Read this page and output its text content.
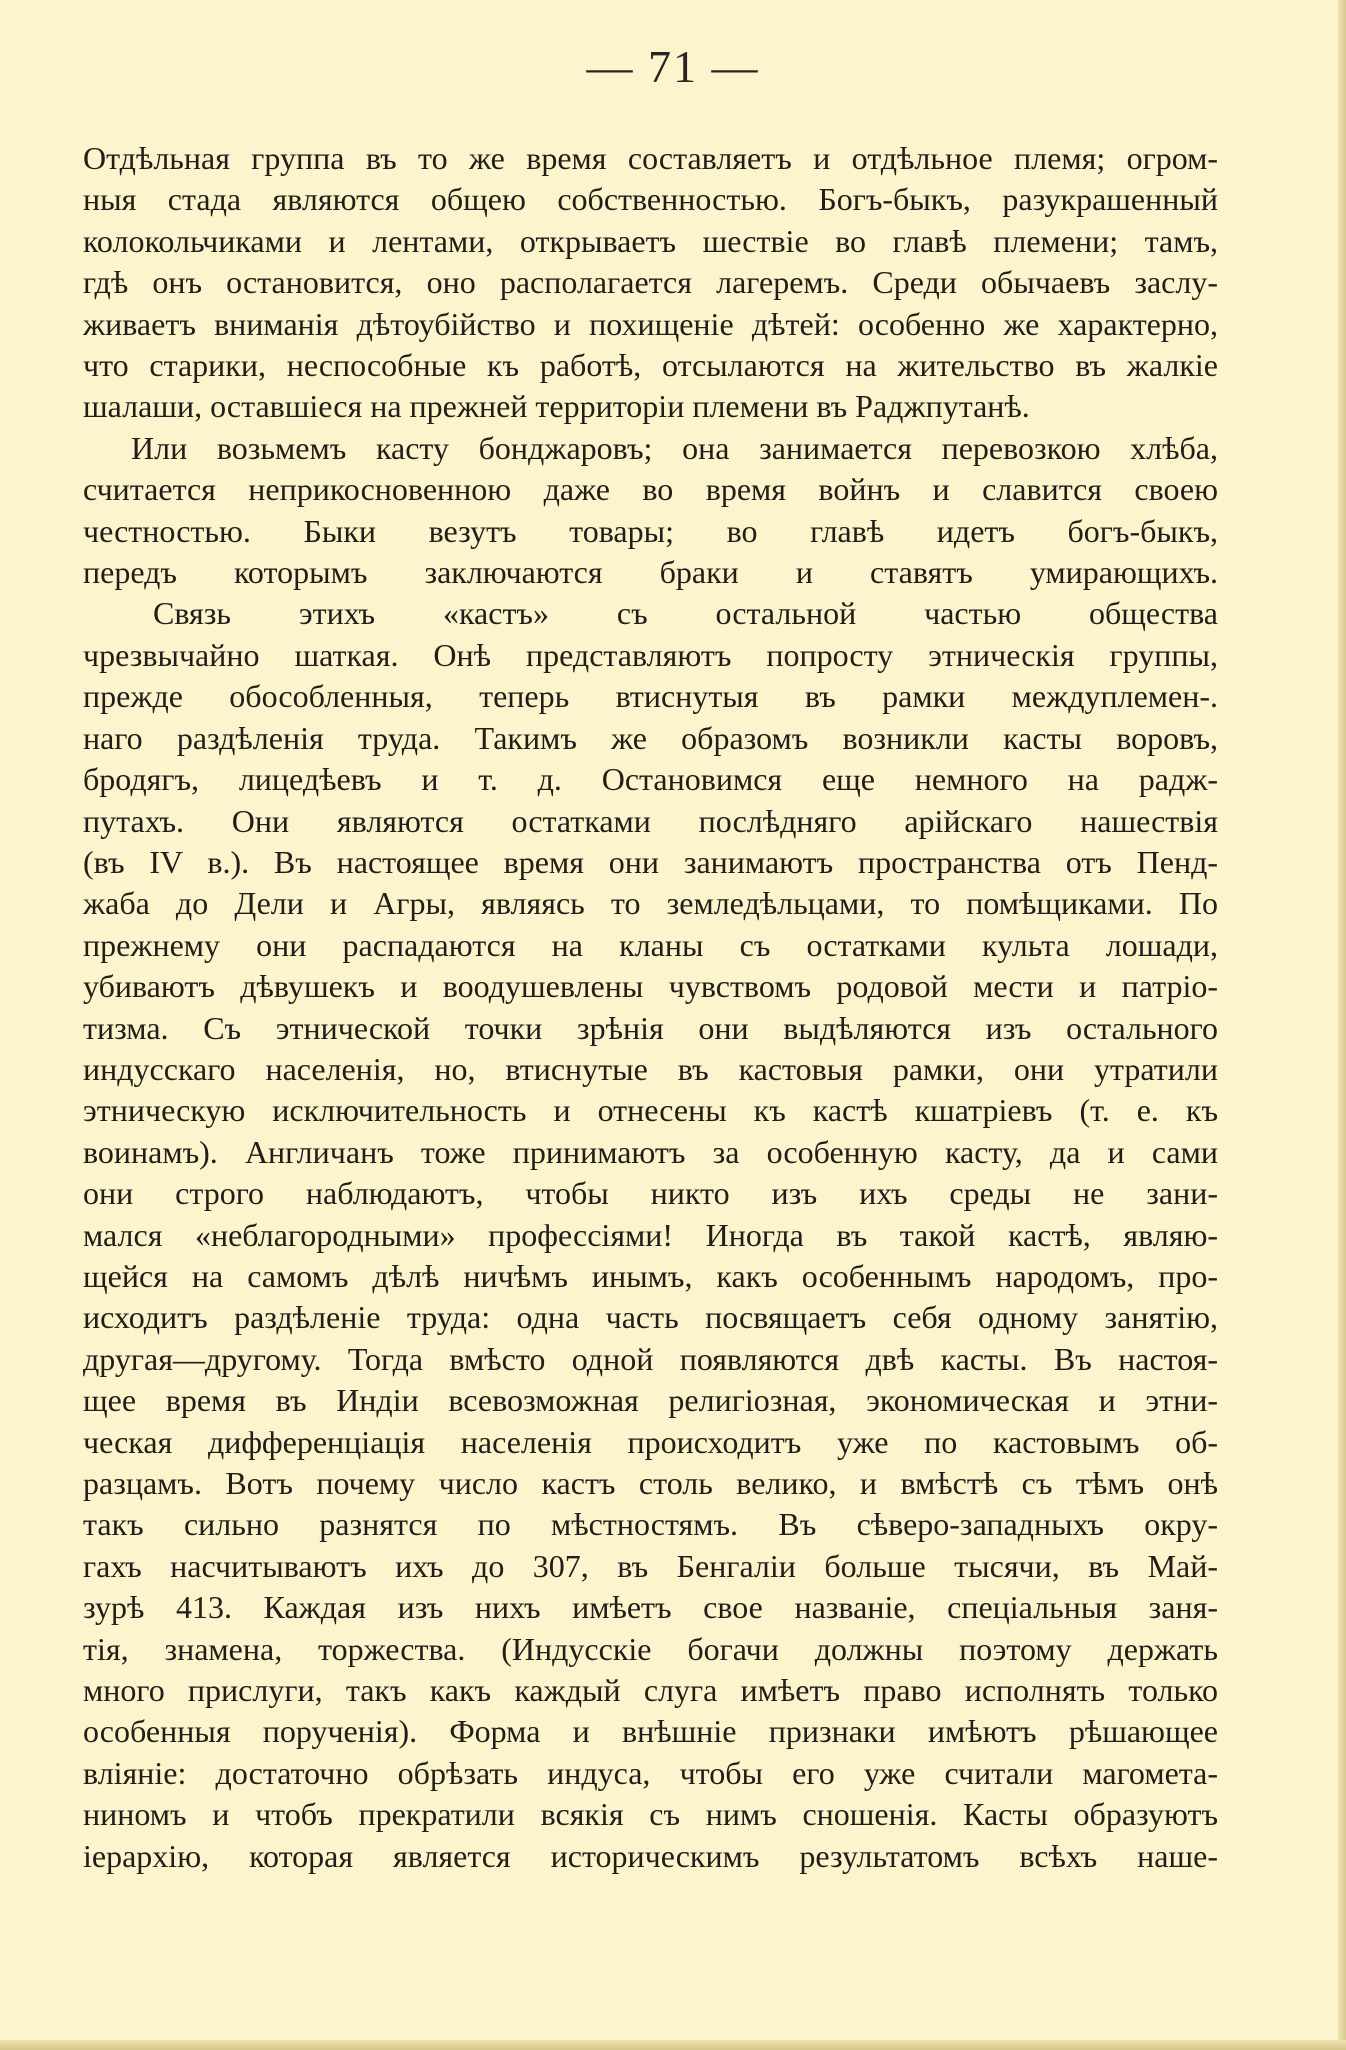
— 71 —
Отдѣльная группа въ то же время составляетъ и отдѣльное племя; огром-
ныя стада являются общею собственностью. Богъ-быкъ, разукрашенный
колокольчиками и лентами, открываетъ шествіе во главѣ племени; тамъ,
гдѣ онъ остановится, оно располагается лагеремъ. Среди обычаевъ заслу-
живаетъ вниманія дѣтоубійство и похищеніе дѣтей: особенно же характерно,
что старики, неспособные къ работѣ, отсылаются на жительство въ жалкіе
шалаши, оставшіеся на прежней территоріи племени въ Раджпутанѣ.
Или возьмемъ касту бонджаровъ; она занимается перевозкою хлѣба,
считается неприкосновенною даже во время войнъ и славится своею
честностью. Быки везутъ товары; во главѣ идетъ богъ-быкъ,
передъ которымъ заключаются браки и ставятъ умирающихъ.
Связь этихъ «кастъ» съ остальной частью общества
чрезвычайно шаткая. Онѣ представляютъ попросту этническія группы,
прежде обособленныя, теперь втиснутыя въ рамки междуплемен-.
наго раздѣленія труда. Такимъ же образомъ возникли касты воровъ,
бродягъ, лицедѣевъ и т. д. Остановимся еще немного на радж-
путахъ. Они являются остатками послѣдняго арійскаго нашествія
(въ IV в.). Въ настоящее время они занимаютъ пространства отъ Пенд-
жаба до Дели и Агры, являясь то земледѣльцами, то помѣщиками. По
прежнему они распадаются на кланы съ остатками культа лошади,
убиваютъ дѣвушекъ и воодушевлены чувствомъ родовой мести и патріо-
тизма. Съ этнической точки зрѣнія они выдѣляются изъ остального
индусскаго населенія, но, втиснутые въ кастовыя рамки, они утратили
этническую исключительность и отнесены къ кастѣ кшатріевъ (т. е. къ
воинамъ). Англичанъ тоже принимаютъ за особенную касту, да и сами
они строго наблюдаютъ, чтобы никто изъ ихъ среды не зани-
мался «неблагородными» профессіями! Иногда въ такой кастѣ, являю-
щейся на самомъ дѣлѣ ничѣмъ инымъ, какъ особеннымъ народомъ, про-
исходитъ раздѣленіе труда: одна часть посвящаетъ себя одному занятію,
другая—другому. Тогда вмѣсто одной появляются двѣ касты. Въ настоя-
щее время въ Индіи всевозможная религіозная, экономическая и этни-
ческая дифференціація населенія происходитъ уже по кастовымъ об-
разцамъ. Вотъ почему число кастъ столь велико, и вмѣстѣ съ тѣмъ онѣ
такъ сильно разнятся по мѣстностямъ. Въ сѣверо-западныхъ окру-
гахъ насчитываютъ ихъ до 307, въ Бенгаліи больше тысячи, въ Май-
зурѣ 413. Каждая изъ нихъ имѣетъ свое названіе, спеціальныя заня-
тія, знамена, торжества. (Индусскіе богачи должны поэтому держать
много прислуги, такъ какъ каждый слуга имѣетъ право исполнять только
особенныя порученія). Форма и внѣшніе признаки имѣютъ рѣшающее
вліяніе: достаточно обрѣзать индуса, чтобы его уже считали магомета-
ниномъ и чтобъ прекратили всякія съ нимъ сношенія. Касты образуютъ
іерархію, которая является историческимъ результатомъ всѣхъ наше-
